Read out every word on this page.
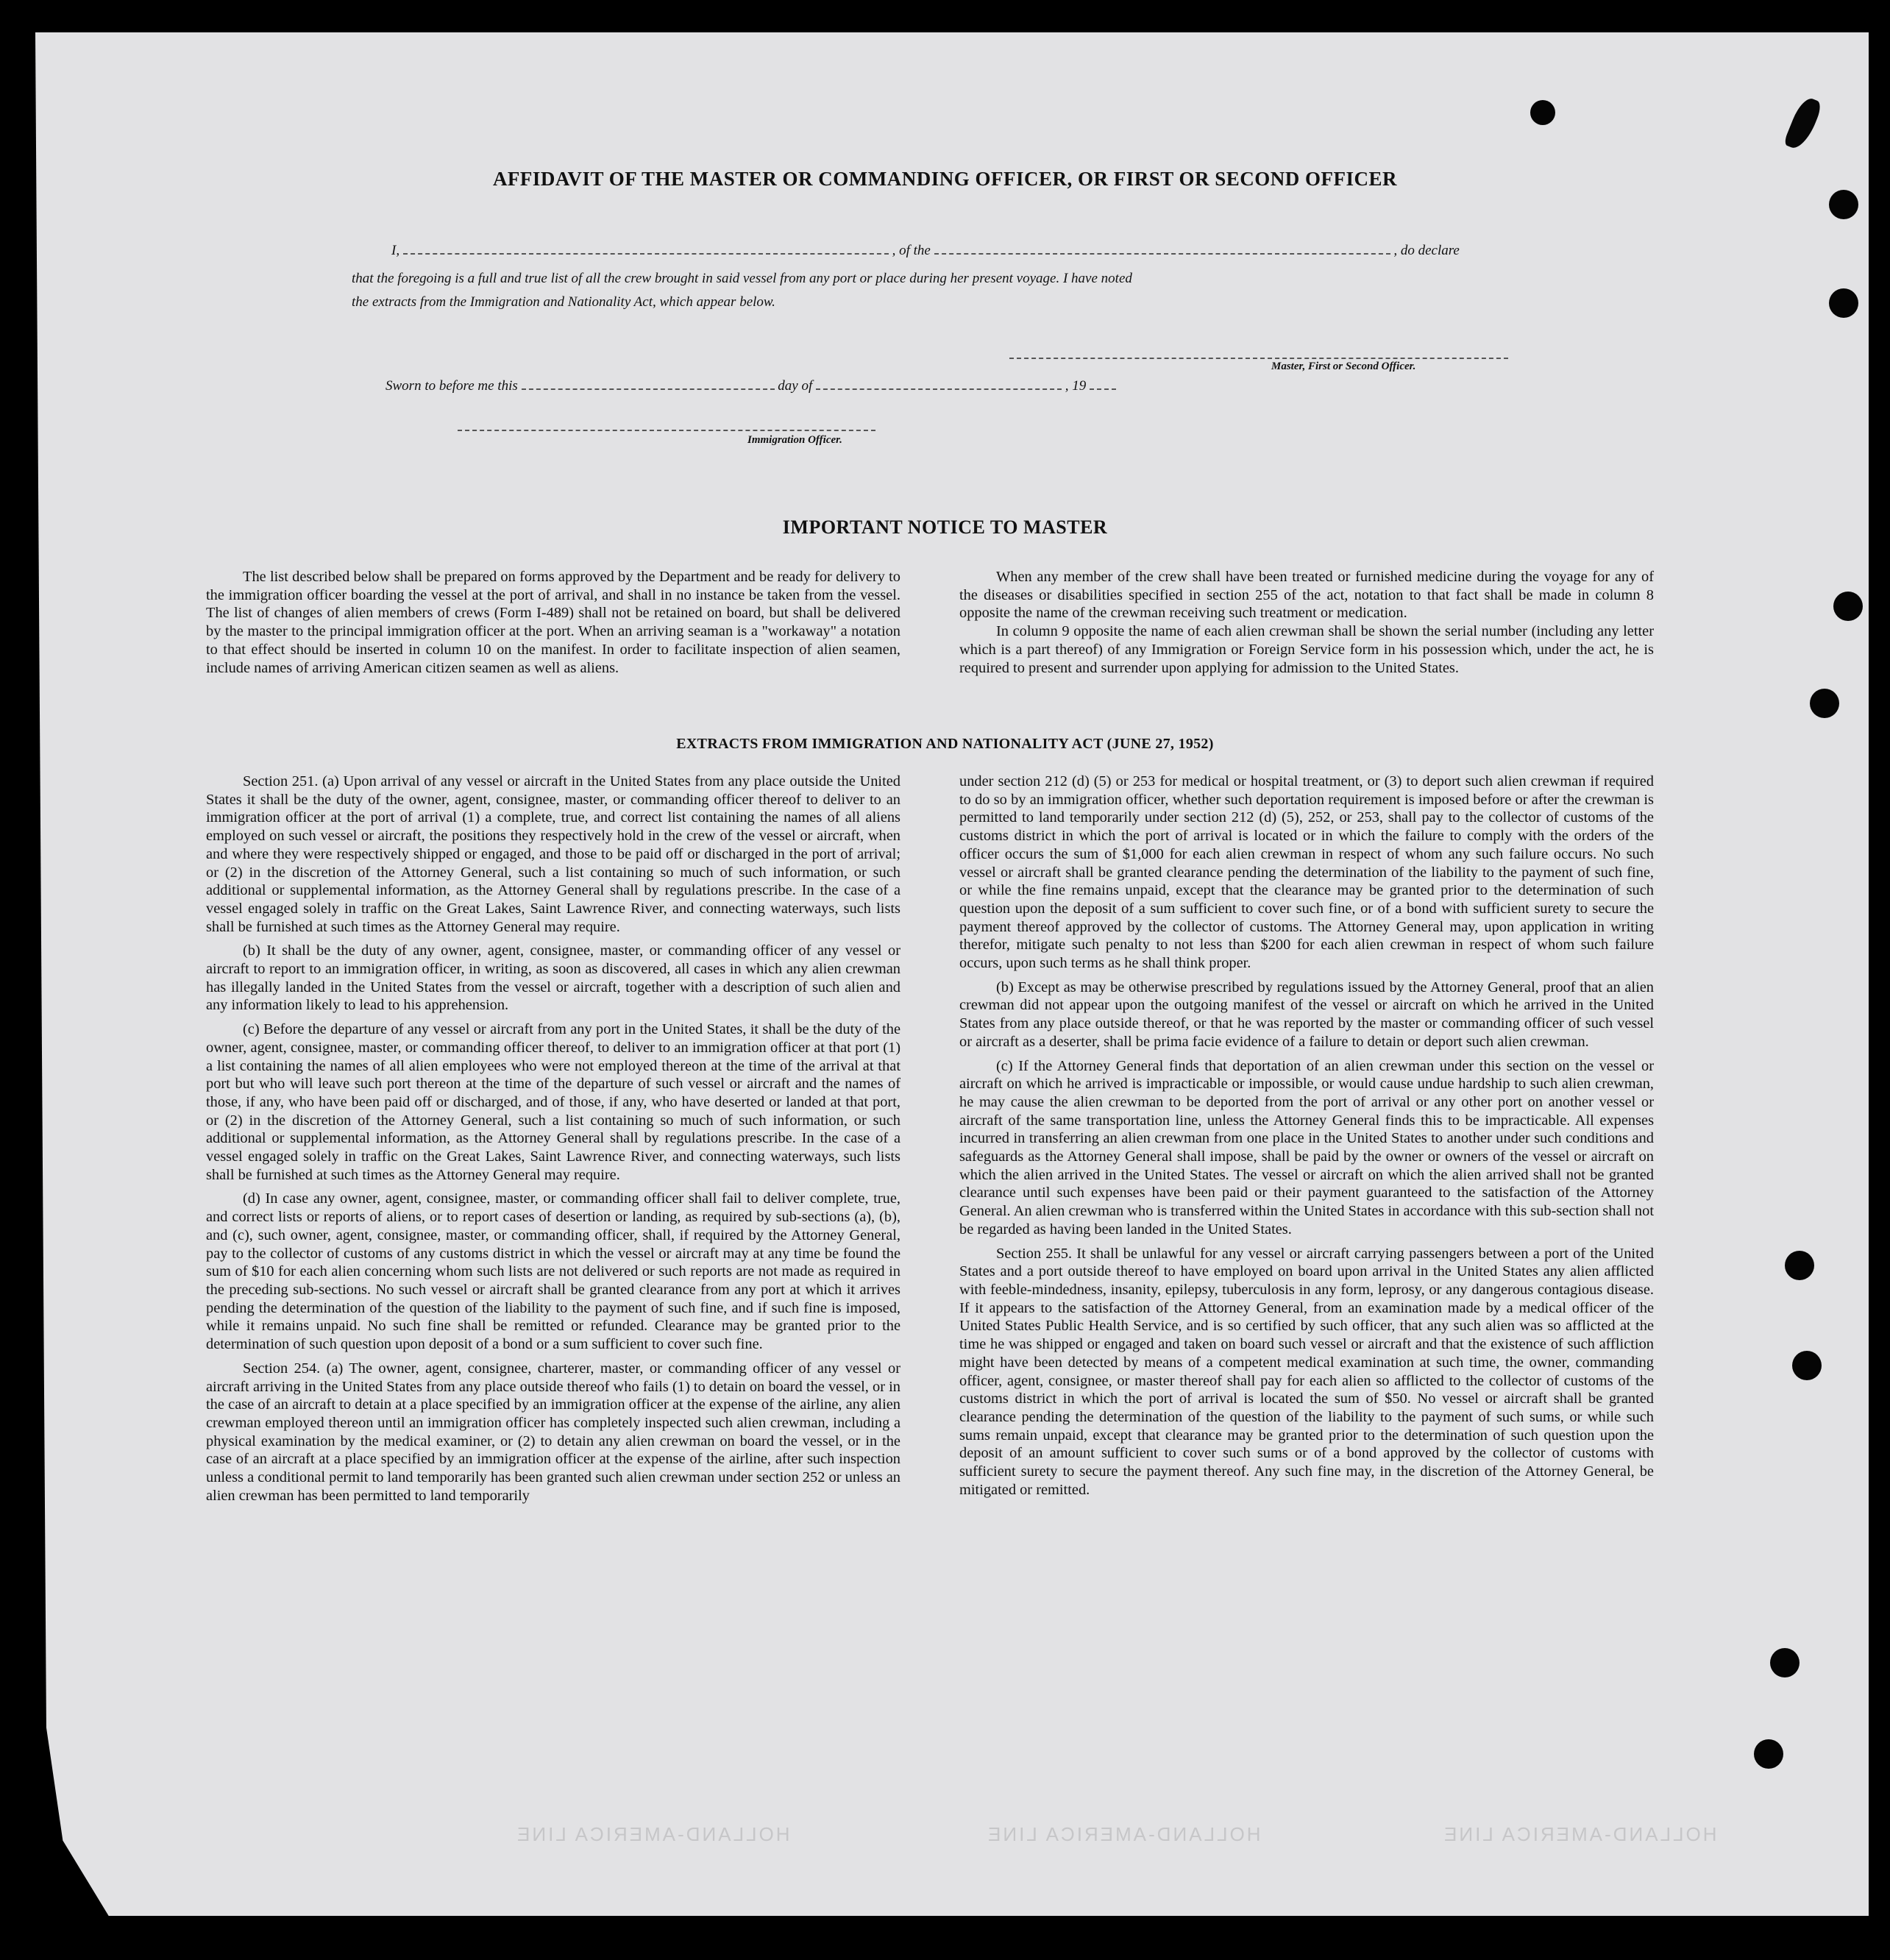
AFFIDAVIT OF THE MASTER OR COMMANDING OFFICER, OR FIRST OR SECOND OFFICER
I,	, of the	, do declare
that the foregoing is a full and true list of all the crew brought in said vessel from any port or place during her present voyage. I have noted
the extracts from the Immigration and Nationality Act, which appear below.
Master, First or Second Officer.
Sworn to before me this	day of	, 19
Immigration Officer.
IMPORTANT NOTICE TO MASTER

The list described below shall be prepared on forms approved by the Department and be ready for delivery to the immigration officer boarding the vessel at the port of arrival, and shall in no instance be taken from the vessel. The list of changes of alien members of crews (Form I-489) shall not be retained on board, but shall be delivered by the master to the principal immigration officer at the port. When an arriving seaman is a "workaway" a notation to that effect should be inserted in column 10 on the manifest. In order to facilitate inspection of alien seamen, include names of arriving American citizen seamen as well as aliens.

When any member of the crew shall have been treated or furnished medicine during the voyage for any of the diseases or disabilities specified in section 255 of the act, notation to that fact shall be made in column 8 opposite the name of the crewman receiving such treatment or medication.

In column 9 opposite the name of each alien crewman shall be shown the serial number (including any letter which is a part thereof) of any Immigration or Foreign Service form in his possession which, under the act, he is required to present and surrender upon applying for admission to the United States.

EXTRACTS FROM IMMIGRATION AND NATIONALITY ACT (JUNE 27, 1952)

Section 251. (a) Upon arrival of any vessel or aircraft in the United States from any place outside the United States it shall be the duty of the owner, agent, consignee, master, or commanding officer thereof to deliver to an immigration officer at the port of arrival (1) a complete, true, and correct list containing the names of all aliens employed on such vessel or aircraft, the positions they respectively hold in the crew of the vessel or aircraft, when and where they were respectively shipped or engaged, and those to be paid off or discharged in the port of arrival; or (2) in the discretion of the Attorney General, such a list containing so much of such information, or such additional or supplemental information, as the Attorney General shall by regulations prescribe. In the case of a vessel engaged solely in traffic on the Great Lakes, Saint Lawrence River, and connecting waterways, such lists shall be furnished at such times as the Attorney General may require.

(b) It shall be the duty of any owner, agent, consignee, master, or commanding officer of any vessel or aircraft to report to an immigration officer, in writing, as soon as discovered, all cases in which any alien crewman has illegally landed in the United States from the vessel or aircraft, together with a description of such alien and any information likely to lead to his apprehension.

(c) Before the departure of any vessel or aircraft from any port in the United States, it shall be the duty of the owner, agent, consignee, master, or commanding officer thereof, to deliver to an immigration officer at that port (1) a list containing the names of all alien employees who were not employed thereon at the time of the arrival at that port but who will leave such port thereon at the time of the departure of such vessel or aircraft and the names of those, if any, who have been paid off or discharged, and of those, if any, who have deserted or landed at that port, or (2) in the discretion of the Attorney General, such a list containing so much of such information, or such additional or supplemental information, as the Attorney General shall by regulations prescribe. In the case of a vessel engaged solely in traffic on the Great Lakes, Saint Lawrence River, and connecting waterways, such lists shall be furnished at such times as the Attorney General may require.

(d) In case any owner, agent, consignee, master, or commanding officer shall fail to deliver complete, true, and correct lists or reports of aliens, or to report cases of desertion or landing, as required by sub-sections (a), (b), and (c), such owner, agent, consignee, master, or commanding officer, shall, if required by the Attorney General, pay to the collector of customs of any customs district in which the vessel or aircraft may at any time be found the sum of $10 for each alien concerning whom such lists are not delivered or such reports are not made as required in the preceding sub-sections. No such vessel or aircraft shall be granted clearance from any port at which it arrives pending the determination of the question of the liability to the payment of such fine, and if such fine is imposed, while it remains unpaid. No such fine shall be remitted or refunded. Clearance may be granted prior to the determination of such question upon deposit of a bond or a sum sufficient to cover such fine.

Section 254. (a) The owner, agent, consignee, charterer, master, or commanding officer of any vessel or aircraft arriving in the United States from any place outside thereof who fails (1) to detain on board the vessel, or in the case of an aircraft to detain at a place specified by an immigration officer at the expense of the airline, any alien crewman employed thereon until an immigration officer has completely inspected such alien crewman, including a physical examination by the medical examiner, or (2) to detain any alien crewman on board the vessel, or in the case of an aircraft at a place specified by an immigration officer at the expense of the airline, after such inspection unless a conditional permit to land temporarily has been granted such alien crewman under section 252 or unless an alien crewman has been permitted to land temporarily

under section 212 (d) (5) or 253 for medical or hospital treatment, or (3) to deport such alien crewman if required to do so by an immigration officer, whether such deportation requirement is imposed before or after the crewman is permitted to land temporarily under section 212 (d) (5), 252, or 253, shall pay to the collector of customs of the customs district in which the port of arrival is located or in which the failure to comply with the orders of the officer occurs the sum of $1,000 for each alien crewman in respect of whom any such failure occurs. No such vessel or aircraft shall be granted clearance pending the determination of the liability to the payment of such fine, or while the fine remains unpaid, except that the clearance may be granted prior to the determination of such question upon the deposit of a sum sufficient to cover such fine, or of a bond with sufficient surety to secure the payment thereof approved by the collector of customs. The Attorney General may, upon application in writing therefor, mitigate such penalty to not less than $200 for each alien crewman in respect of whom such failure occurs, upon such terms as he shall think proper.

(b) Except as may be otherwise prescribed by regulations issued by the Attorney General, proof that an alien crewman did not appear upon the outgoing manifest of the vessel or aircraft on which he arrived in the United States from any place outside thereof, or that he was reported by the master or commanding officer of such vessel or aircraft as a deserter, shall be prima facie evidence of a failure to detain or deport such alien crewman.

(c) If the Attorney General finds that deportation of an alien crewman under this section on the vessel or aircraft on which he arrived is impracticable or impossible, or would cause undue hardship to such alien crewman, he may cause the alien crewman to be deported from the port of arrival or any other port on another vessel or aircraft of the same transportation line, unless the Attorney General finds this to be impracticable. All expenses incurred in transferring an alien crewman from one place in the United States to another under such conditions and safeguards as the Attorney General shall impose, shall be paid by the owner or owners of the vessel or aircraft on which the alien arrived in the United States. The vessel or aircraft on which the alien arrived shall not be granted clearance until such expenses have been paid or their payment guaranteed to the satisfaction of the Attorney General. An alien crewman who is transferred within the United States in accordance with this sub-section shall not be regarded as having been landed in the United States.

Section 255. It shall be unlawful for any vessel or aircraft carrying passengers between a port of the United States and a port outside thereof to have employed on board upon arrival in the United States any alien afflicted with feeble-mindedness, insanity, epilepsy, tuberculosis in any form, leprosy, or any dangerous contagious disease. If it appears to the satisfaction of the Attorney General, from an examination made by a medical officer of the United States Public Health Service, and is so certified by such officer, that any such alien was so afflicted at the time he was shipped or engaged and taken on board such vessel or aircraft and that the existence of such affliction might have been detected by means of a competent medical examination at such time, the owner, commanding officer, agent, consignee, or master thereof shall pay for each alien so afflicted to the collector of customs of the customs district in which the port of arrival is located the sum of $50. No vessel or aircraft shall be granted clearance pending the determination of the question of the liability to the payment of such sums, or while such sums remain unpaid, except that clearance may be granted prior to the determination of such question upon the deposit of an amount sufficient to cover such sums or of a bond approved by the collector of customs with sufficient surety to secure the payment thereof. Any such fine may, in the discretion of the Attorney General, be mitigated or remitted.

HOLLAND-AMERICA LINE	HOLLAND-AMERICA LINE	HOLLAND-AMERICA LINE
